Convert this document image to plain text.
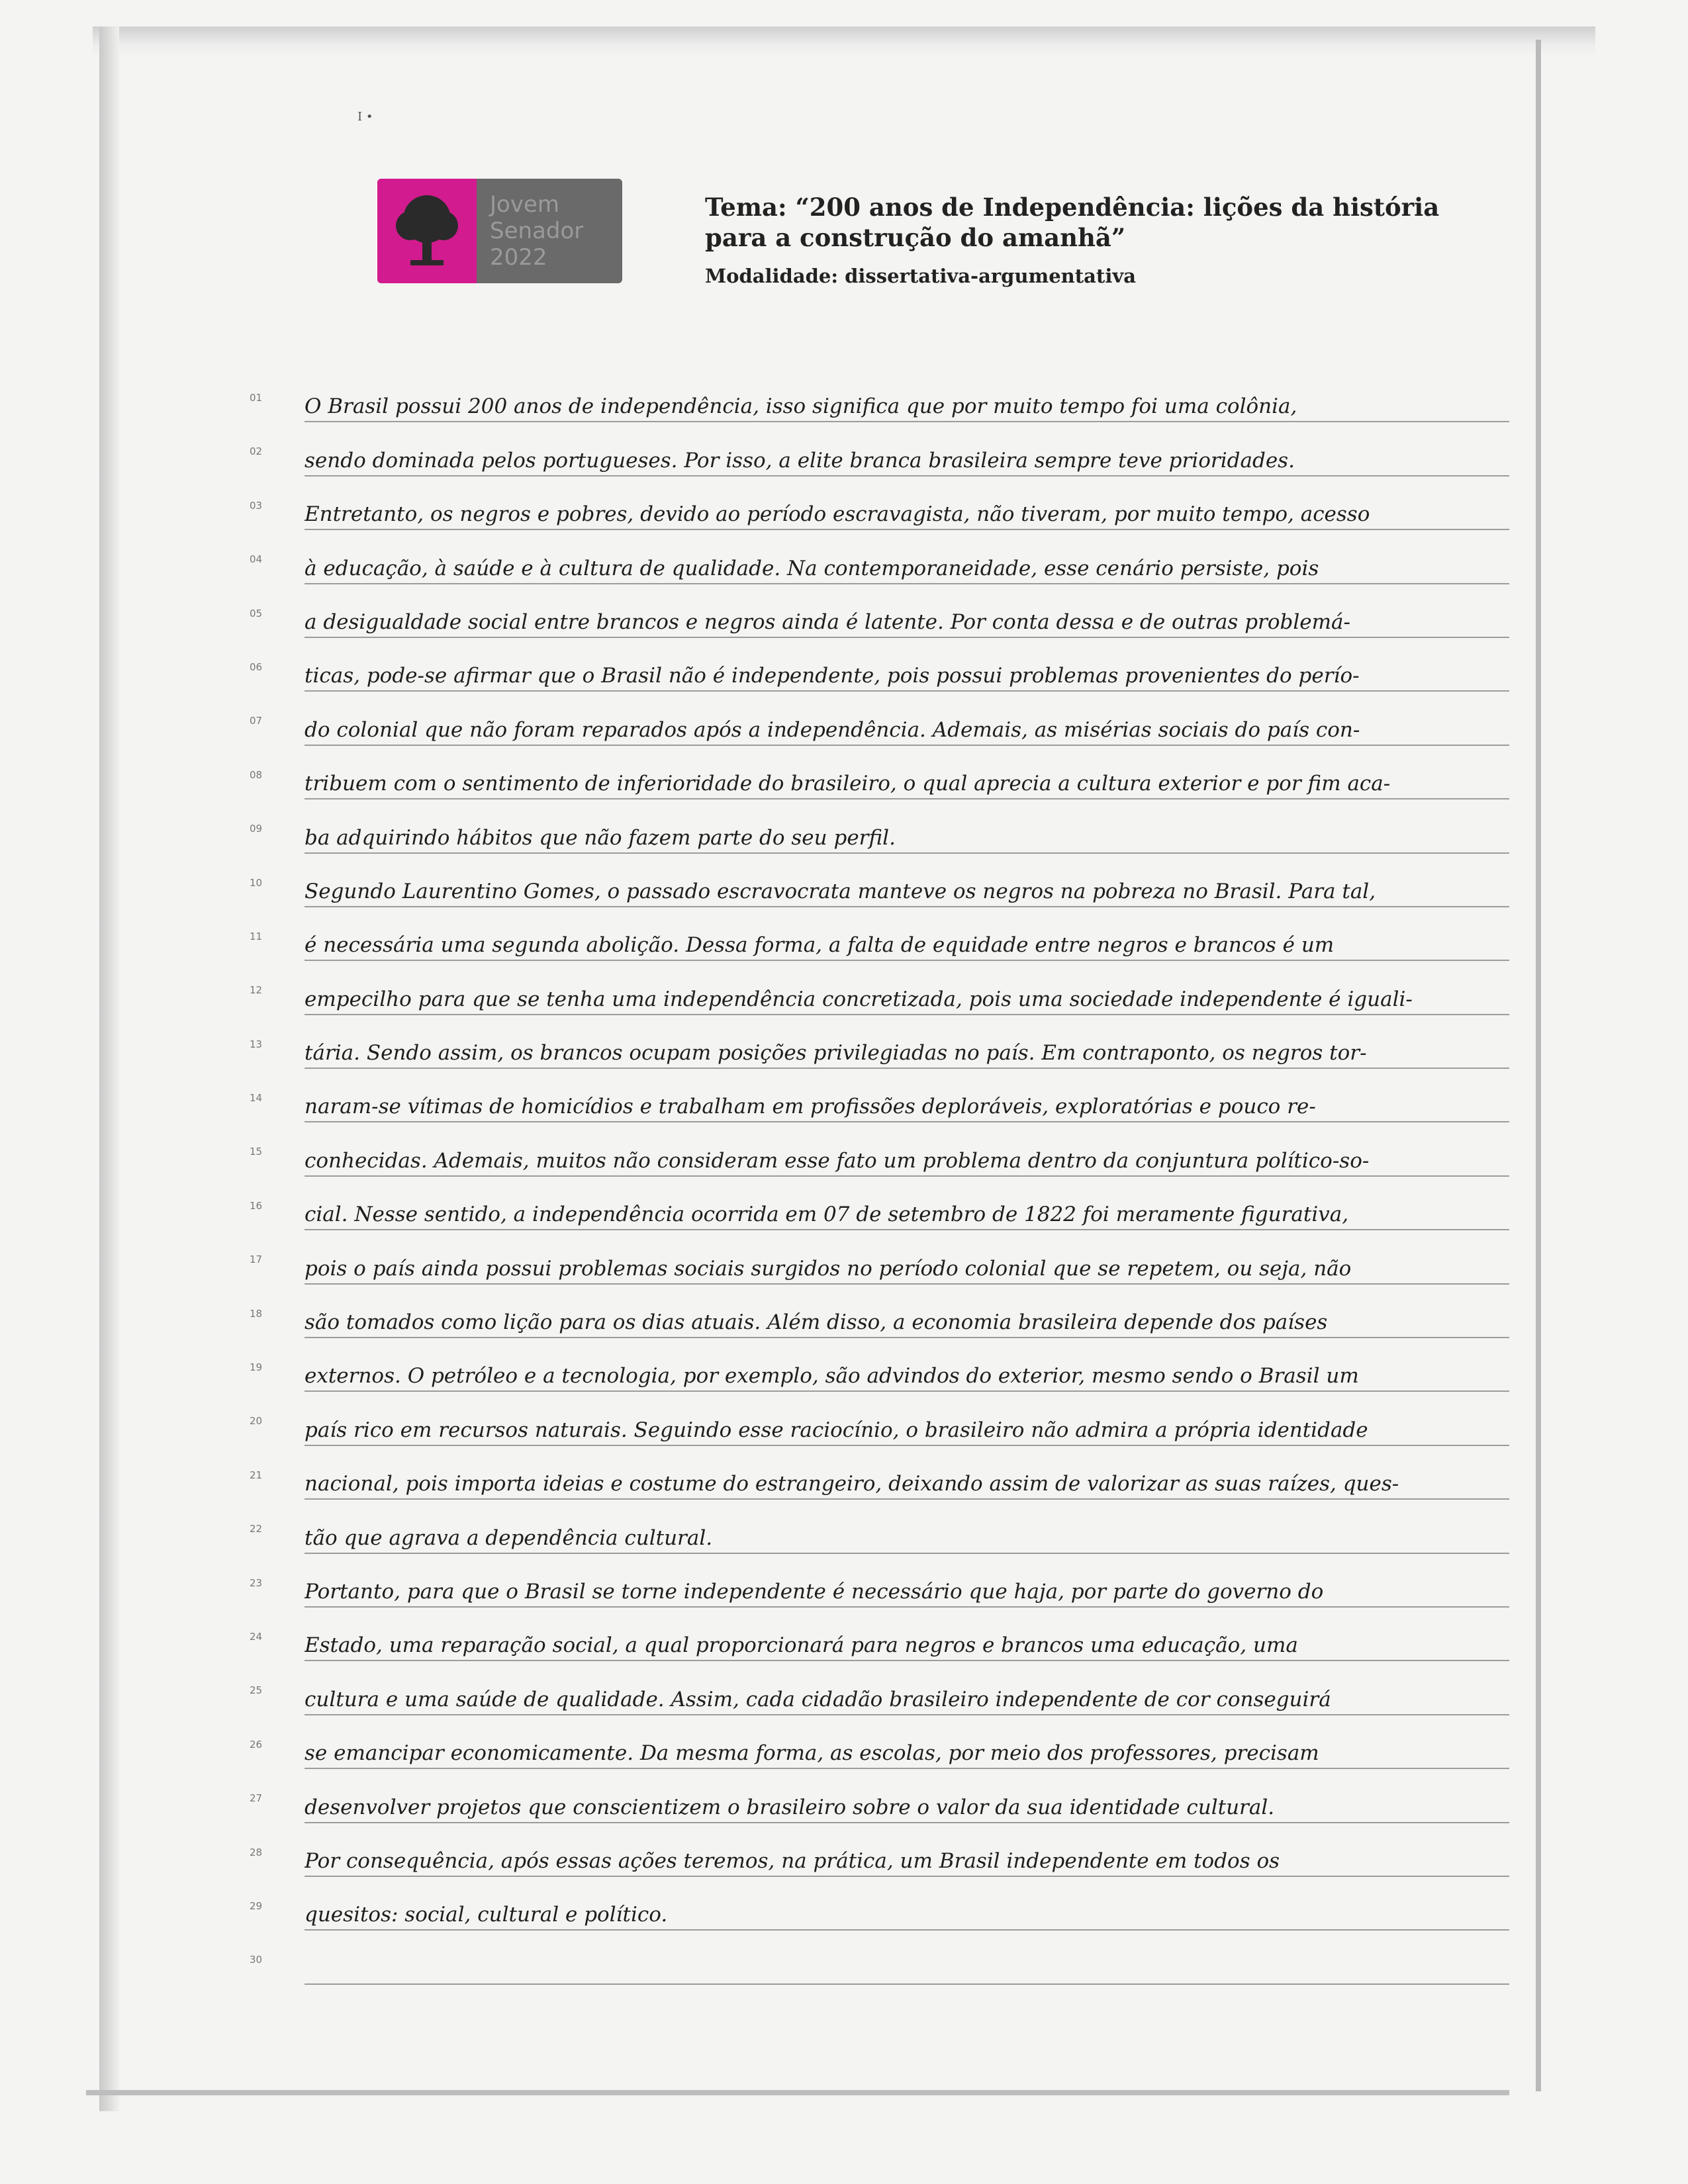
I •
Jovem
Senador
2022

Tema: “200 anos de Independência: lições da história
para a construção do amanhã”

Modalidade: dissertativa-argumentativa
01	O Brasil possui 200 anos de independência, isso significa que por muito tempo foi uma colônia,
02	sendo dominada pelos portugueses. Por isso, a elite branca brasileira sempre teve prioridades.
03	Entretanto, os negros e pobres, devido ao período escravagista, não tiveram, por muito tempo, acesso
04	à educação, à saúde e à cultura de qualidade. Na contemporaneidade, esse cenário persiste, pois
05	a desigualdade social entre brancos e negros ainda é latente. Por conta dessa e de outras problemá-
06	ticas, pode-se afirmar que o Brasil não é independente, pois possui problemas provenientes do perío-
07	do colonial que não foram reparados após a independência. Ademais, as misérias sociais do país con-
08	tribuem com o sentimento de inferioridade do brasileiro, o qual aprecia a cultura exterior e por fim aca-
09	ba adquirindo hábitos que não fazem parte do seu perfil.
10	Segundo Laurentino Gomes, o passado escravocrata manteve os negros na pobreza no Brasil. Para tal,
11	é necessária uma segunda abolição. Dessa forma, a falta de equidade entre negros e brancos é um
12	empecilho para que se tenha uma independência concretizada, pois uma sociedade independente é iguali-
13	tária. Sendo assim, os brancos ocupam posições privilegiadas no país. Em contraponto, os negros tor-
14	naram-se vítimas de homicídios e trabalham em profissões deploráveis, exploratórias e pouco re-
15	conhecidas. Ademais, muitos não consideram esse fato um problema dentro da conjuntura político-so-
16	cial. Nesse sentido, a independência ocorrida em 07 de setembro de 1822 foi meramente figurativa,
17	pois o país ainda possui problemas sociais surgidos no período colonial que se repetem, ou seja, não
18	são tomados como lição para os dias atuais. Além disso, a economia brasileira depende dos países
19	externos. O petróleo e a tecnologia, por exemplo, são advindos do exterior, mesmo sendo o Brasil um
20	país rico em recursos naturais. Seguindo esse raciocínio, o brasileiro não admira a própria identidade
21	nacional, pois importa ideias e costume do estrangeiro, deixando assim de valorizar as suas raízes, ques-
22	tão que agrava a dependência cultural.
23	Portanto, para que o Brasil se torne independente é necessário que haja, por parte do governo do
24	Estado, uma reparação social, a qual proporcionará para negros e brancos uma educação, uma
25	cultura e uma saúde de qualidade. Assim, cada cidadão brasileiro independente de cor conseguirá
26	se emancipar economicamente. Da mesma forma, as escolas, por meio dos professores, precisam
27	desenvolver projetos que conscientizem o brasileiro sobre o valor da sua identidade cultural.
28	Por consequência, após essas ações teremos, na prática, um Brasil independente em todos os
29	quesitos: social, cultural e político.
30
